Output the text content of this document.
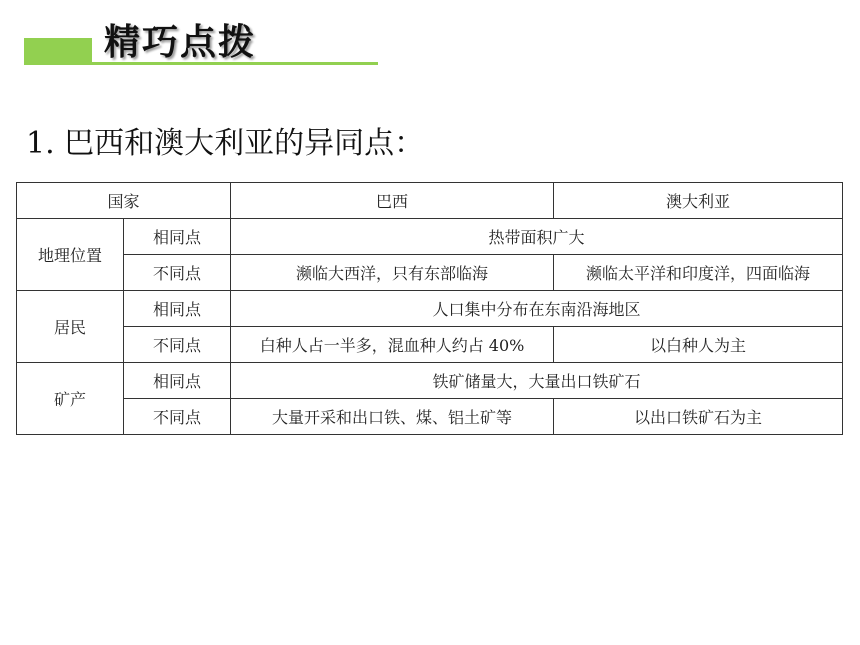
精巧点拨
1. 巴西和澳大利亚的异同点：
国家		巴西	澳大利亚
地理位置	相同点	热带面积广大	
	不同点	濒临大西洋，只有东部临海	濒临太平洋和印度洋，四面临海
居民	相同点	人口集中分布在东南沿海地区	
	不同点	白种人占一半多，混血种人约占 40%	以白种人为主
矿产	相同点	铁矿储量大，大量出口铁矿石	
	不同点	大量开采和出口铁、煤、铝土矿等	以出口铁矿石为主
